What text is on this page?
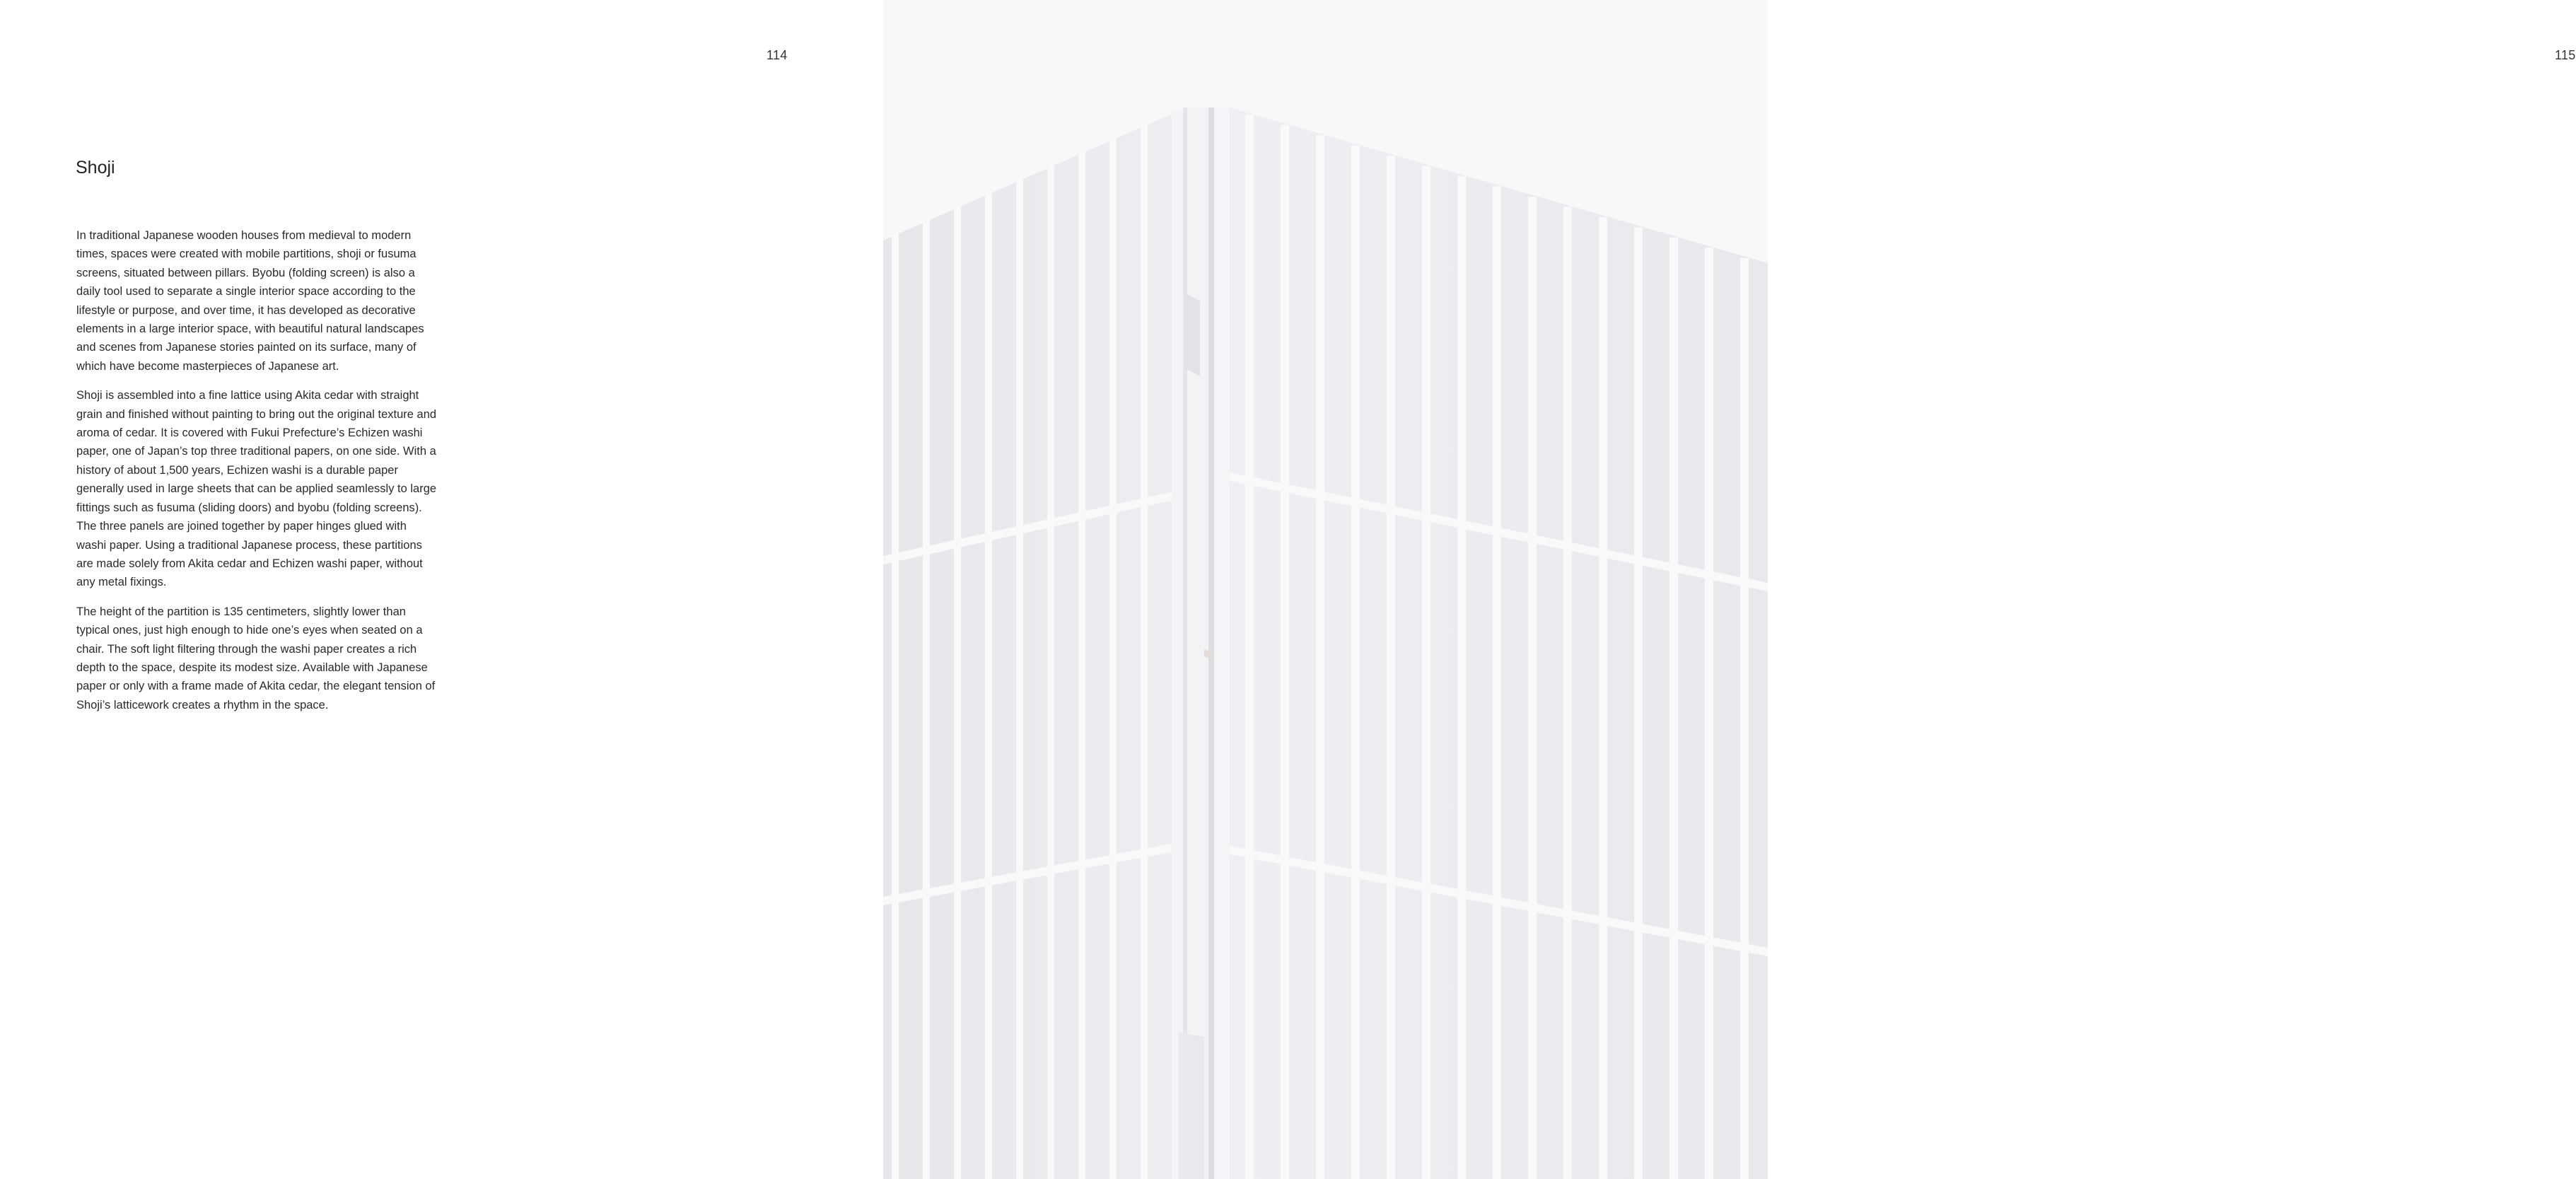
114
Shoji

In traditional Japanese wooden houses from medieval to modern times, spaces were created with mobile partitions, shoji or fusuma screens, situated between pillars. Byobu (folding screen) is also a daily tool used to separate a single interior space according to the lifestyle or purpose, and over time, it has developed as decorative elements in a large interior space, with beautiful natural landscapes and scenes from Japanese stories painted on its surface, many of which have become masterpieces of Japanese art.

Shoji is assembled into a fine lattice using Akita cedar with straight grain and finished without painting to bring out the original texture and aroma of cedar. It is covered with Fukui Prefecture’s Echizen washi paper, one of Japan’s top three traditional papers, on one side. With a history of about 1,500 years, Echizen washi is a durable paper generally used in large sheets that can be applied seamlessly to large fittings such as fusuma (sliding doors) and byobu (folding screens). The three panels are joined together by paper hinges glued with washi paper. Using a traditional Japanese process, these partitions are made solely from Akita cedar and Echizen washi paper, without any metal fixings.

The height of the partition is 135 centimeters, slightly lower than typical ones, just high enough to hide one’s eyes when seated on a chair. The soft light filtering through the washi paper creates a rich depth to the space, despite its modest size. Available with Japanese paper or only with a frame made of Akita cedar, the elegant tension of Shoji’s latticework creates a rhythm in the space.

115
